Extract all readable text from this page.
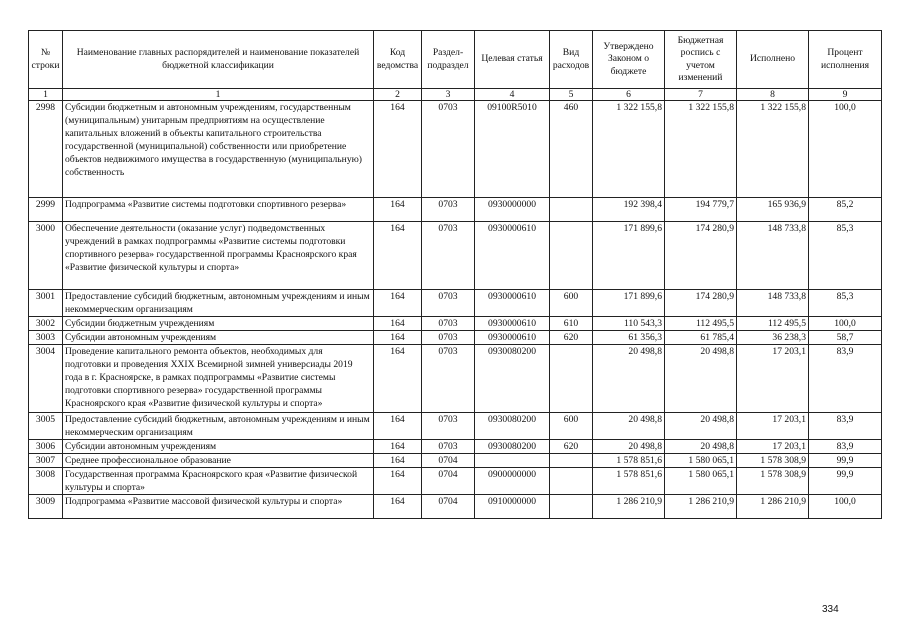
№ строки	Наименование главных распорядителей и наименование показателей бюджетной классификации	Код ведомства	Раздел-подраздел	Целевая статья	Вид расходов	Утверждено Законом о бюджете	Бюджетная роспись с учетом изменений	Исполнено	Процент исполнения
1	1	2	3	4	5	6	7	8	9
2998	Субсидии бюджетным и автономным учреждениям, государственным (муниципальным) унитарным предприятиям на осуществление капитальных вложений в объекты капитального строительства государственной (муниципальной) собственности или приобретение объектов недвижимого имущества в государственную (муниципальную) собственность	164	0703	09100R5010	460	1 322 155,8	1 322 155,8	1 322 155,8	100,0
2999	Подпрограмма «Развитие системы подготовки спортивного резерва»	164	0703	0930000000		192 398,4	194 779,7	165 936,9	85,2
3000	Обеспечение деятельности (оказание услуг) подведомственных учреждений в рамках подпрограммы «Развитие системы подготовки спортивного резерва» государственной программы Красноярского края «Развитие физической культуры и спорта»	164	0703	0930000610		171 899,6	174 280,9	148 733,8	85,3
3001	Предоставление субсидий бюджетным, автономным учреждениям и иным некоммерческим организациям	164	0703	0930000610	600	171 899,6	174 280,9	148 733,8	85,3
3002	Субсидии бюджетным учреждениям	164	0703	0930000610	610	110 543,3	112 495,5	112 495,5	100,0
3003	Субсидии автономным учреждениям	164	0703	0930000610	620	61 356,3	61 785,4	36 238,3	58,7
3004	Проведение капитального ремонта объектов, необходимых для подготовки и проведения XXIX Всемирной зимней универсиады 2019 года в г. Красноярске, в рамках подпрограммы «Развитие системы подготовки спортивного резерва» государственной программы Красноярского края «Развитие физической культуры и спорта»	164	0703	0930080200		20 498,8	20 498,8	17 203,1	83,9
3005	Предоставление субсидий бюджетным, автономным учреждениям и иным некоммерческим организациям	164	0703	0930080200	600	20 498,8	20 498,8	17 203,1	83,9
3006	Субсидии автономным учреждениям	164	0703	0930080200	620	20 498,8	20 498,8	17 203,1	83,9
3007	Среднее профессиональное образование	164	0704			1 578 851,6	1 580 065,1	1 578 308,9	99,9
3008	Государственная программа Красноярского края «Развитие физической культуры и спорта»	164	0704	0900000000		1 578 851,6	1 580 065,1	1 578 308,9	99,9
3009	Подпрограмма «Развитие массовой физической культуры и спорта»	164	0704	0910000000		1 286 210,9	1 286 210,9	1 286 210,9	100,0
334
